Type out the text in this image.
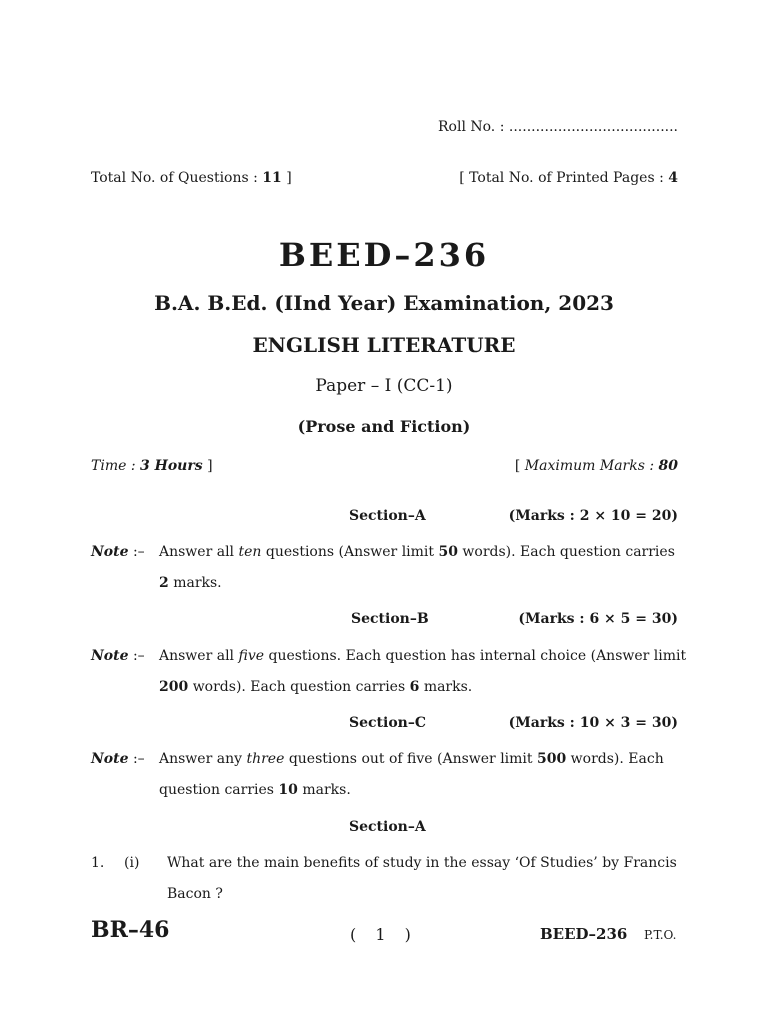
Roll No. : ......................................
Total No. of Questions : 11 ]	[ Total No. of Printed Pages : 4
BEED–236
B.A. B.Ed. (IInd Year) Examination, 2023
ENGLISH LITERATURE
Paper – I (CC-1)
(Prose and Fiction)
Time : 3 Hours ]	[ Maximum Marks : 80
Section–A	(Marks : 2 × 10 = 20)
Note :– Answer all ten questions (Answer limit 50 words). Each question carries
2 marks.
Section–B	(Marks : 6 × 5 = 30)
Note :– Answer all five questions. Each question has internal choice (Answer limit
200 words). Each question carries 6 marks.
Section–C	(Marks : 10 × 3 = 30)
Note :– Answer any three questions out of five (Answer limit 500 words). Each
question carries 10 marks.
Section–A
1. (i) What are the main benefits of study in the essay ‘Of Studies’ by Francis
Bacon ?
BR–46	( 1 )	BEED–236 P.T.O.
